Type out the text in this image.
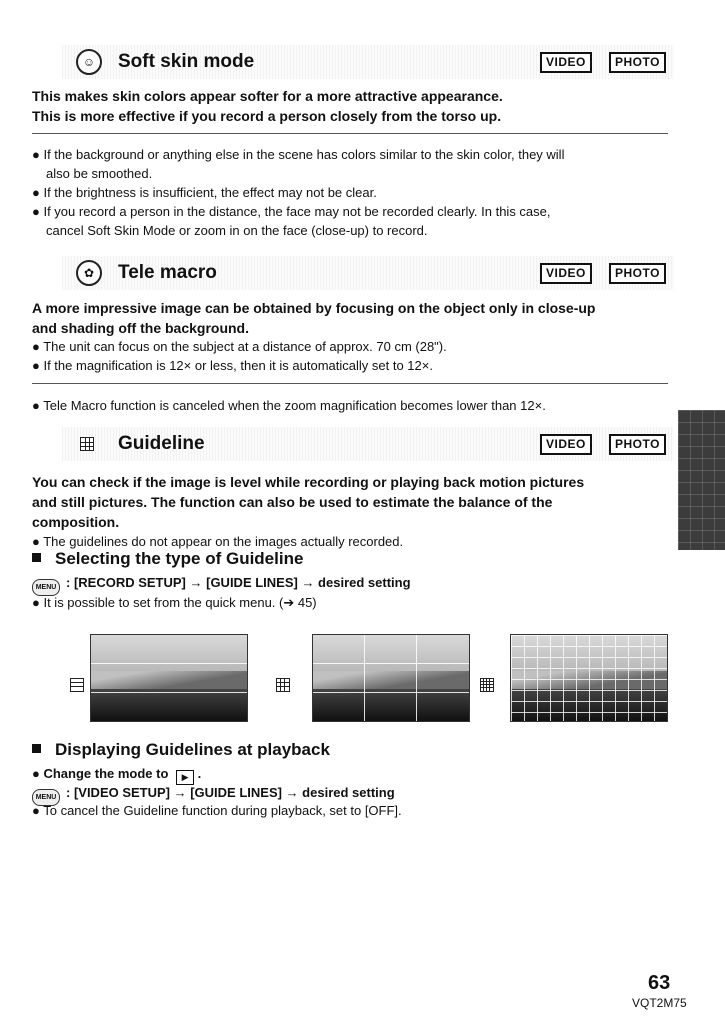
☺	Soft skin mode	VIDEO	PHOTO
This makes skin colors appear softer for a more attractive appearance.
This is more effective if you record a person closely from the torso up.
● If the background or anything else in the scene has colors similar to the skin color, they will
also be smoothed.
● If the brightness is insufficient, the effect may not be clear.
● If you record a person in the distance, the face may not be recorded clearly. In this case,
cancel Soft Skin Mode or zoom in on the face (close-up) to record.
✿	Tele macro	VIDEO	PHOTO
A more impressive image can be obtained by focusing on the object only in close-up
and shading off the background.
● The unit can focus on the subject at a distance of approx. 70 cm (28").
● If the magnification is 12× or less, then it is automatically set to 12×.
● Tele Macro function is canceled when the zoom magnification becomes lower than 12×.
Guideline	VIDEO	PHOTO
You can check if the image is level while recording or playing back motion pictures
and still pictures. The function can also be used to estimate the balance of the
composition.
● The guidelines do not appear on the images actually recorded.
Selecting the type of Guideline
MENU : [RECORD SETUP] → [GUIDE LINES] → desired setting
● It is possible to set from the quick menu. (➔ 45)
Displaying Guidelines at playback
● Change the mode to ▶ .
MENU : [VIDEO SETUP] → [GUIDE LINES] → desired setting
● To cancel the Guideline function during playback, set to [OFF].
63
VQT2M75
